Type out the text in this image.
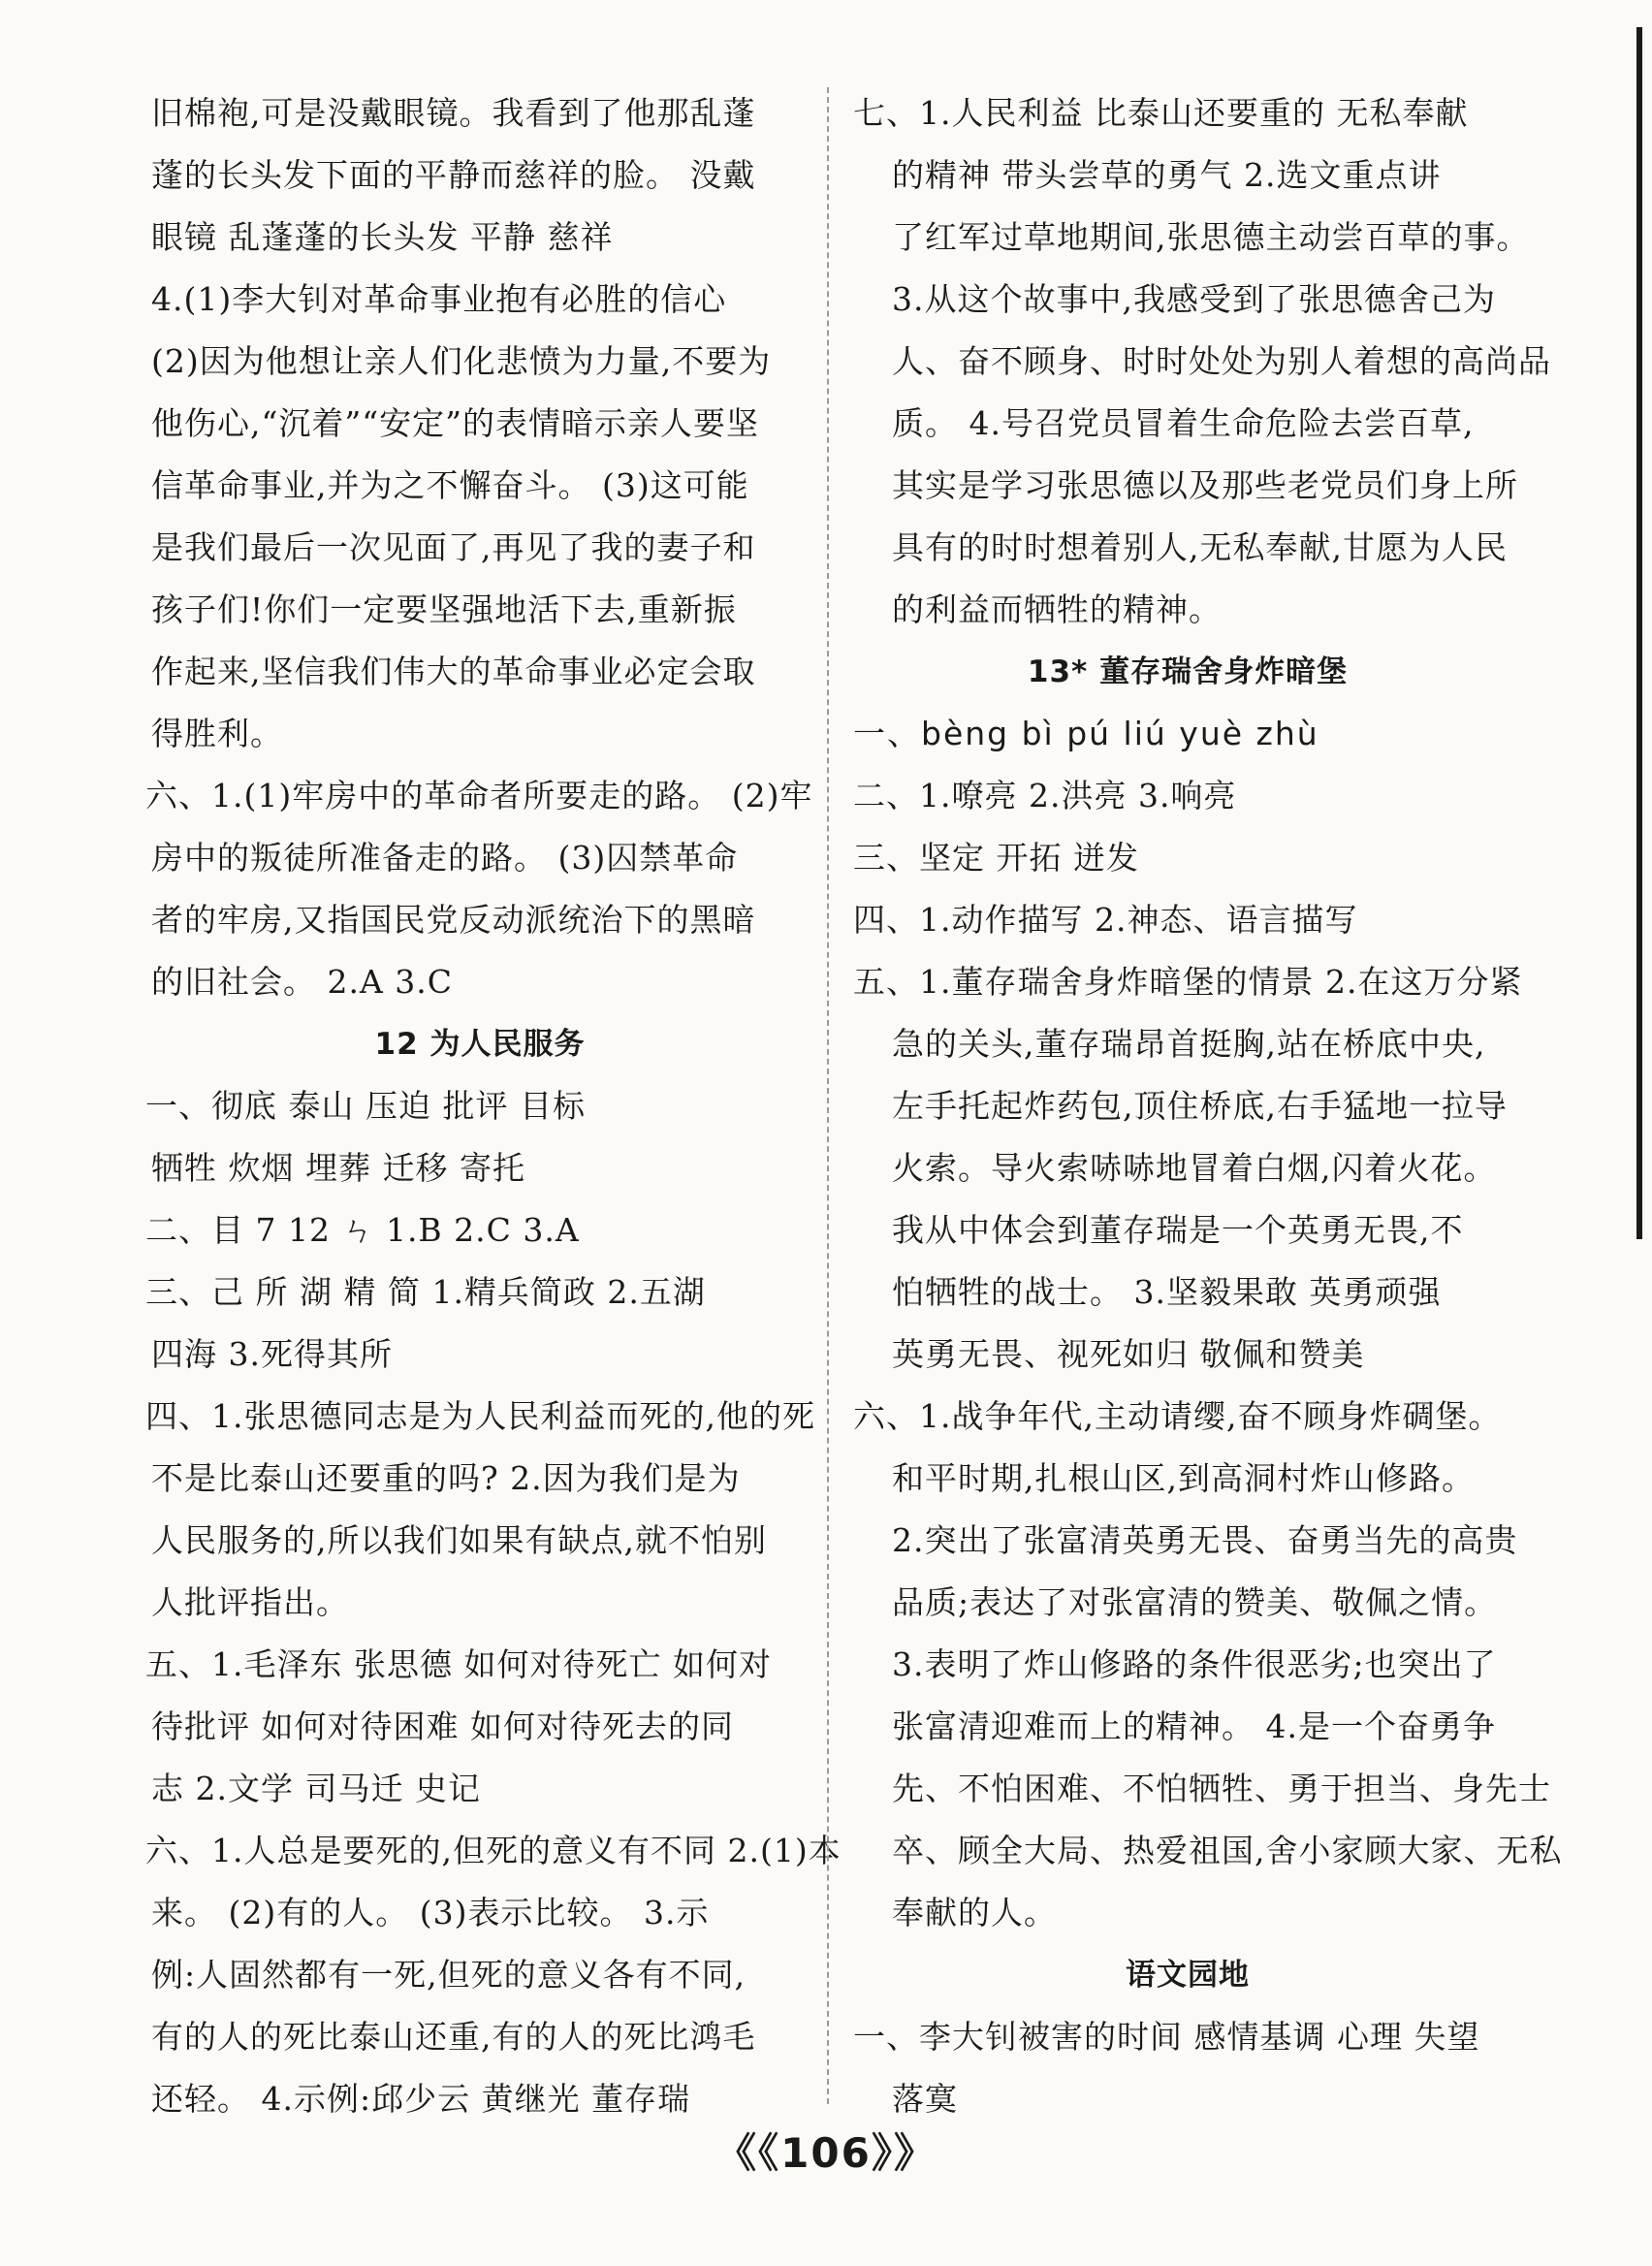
旧棉袍,可是没戴眼镜。我看到了他那乱蓬
蓬的长头发下面的平静而慈祥的脸。 没戴
眼镜 乱蓬蓬的长头发 平静 慈祥
4.(1)李大钊对革命事业抱有必胜的信心
(2)因为他想让亲人们化悲愤为力量,不要为
他伤心,“沉着”“安定”的表情暗示亲人要坚
信革命事业,并为之不懈奋斗。 (3)这可能
是我们最后一次见面了,再见了我的妻子和
孩子们!你们一定要坚强地活下去,重新振
作起来,坚信我们伟大的革命事业必定会取
得胜利。
六、1.(1)牢房中的革命者所要走的路。 (2)牢
房中的叛徒所准备走的路。 (3)囚禁革命
者的牢房,又指国民党反动派统治下的黑暗
的旧社会。 2.A 3.C
12 为人民服务
一、彻底 泰山 压迫 批评 目标
牺牲 炊烟 埋葬 迁移 寄托
二、目 7 12 ㄣ 1.B 2.C 3.A
三、己 所 湖 精 简 1.精兵简政 2.五湖
四海 3.死得其所
四、1.张思德同志是为人民利益而死的,他的死
不是比泰山还要重的吗? 2.因为我们是为
人民服务的,所以我们如果有缺点,就不怕别
人批评指出。
五、1.毛泽东 张思德 如何对待死亡 如何对
待批评 如何对待困难 如何对待死去的同
志 2.文学 司马迁 史记
六、1.人总是要死的,但死的意义有不同 2.(1)本
来。 (2)有的人。 (3)表示比较。 3.示
例:人固然都有一死,但死的意义各有不同,
有的人的死比泰山还重,有的人的死比鸿毛
还轻。 4.示例:邱少云 黄继光 董存瑞
七、1.人民利益 比泰山还要重的 无私奉献
的精神 带头尝草的勇气 2.选文重点讲
了红军过草地期间,张思德主动尝百草的事。
3.从这个故事中,我感受到了张思德舍己为
人、奋不顾身、时时处处为别人着想的高尚品
质。 4.号召党员冒着生命危险去尝百草,
其实是学习张思德以及那些老党员们身上所
具有的时时想着别人,无私奉献,甘愿为人民
的利益而牺牲的精神。
13* 董存瑞舍身炸暗堡
一、bèng bì pú liú yuè zhù
二、1.嘹亮 2.洪亮 3.响亮
三、坚定 开拓 迸发
四、1.动作描写 2.神态、语言描写
五、1.董存瑞舍身炸暗堡的情景 2.在这万分紧
急的关头,董存瑞昂首挺胸,站在桥底中央,
左手托起炸药包,顶住桥底,右手猛地一拉导
火索。导火索哧哧地冒着白烟,闪着火花。
我从中体会到董存瑞是一个英勇无畏,不
怕牺牲的战士。 3.坚毅果敢 英勇顽强
英勇无畏、视死如归 敬佩和赞美
六、1.战争年代,主动请缨,奋不顾身炸碉堡。
和平时期,扎根山区,到高洞村炸山修路。
2.突出了张富清英勇无畏、奋勇当先的高贵
品质;表达了对张富清的赞美、敬佩之情。
3.表明了炸山修路的条件很恶劣;也突出了
张富清迎难而上的精神。 4.是一个奋勇争
先、不怕困难、不怕牺牲、勇于担当、身先士
卒、顾全大局、热爱祖国,舍小家顾大家、无私
奉献的人。
语文园地
一、李大钊被害的时间 感情基调 心理 失望
落寞
《《106》》
